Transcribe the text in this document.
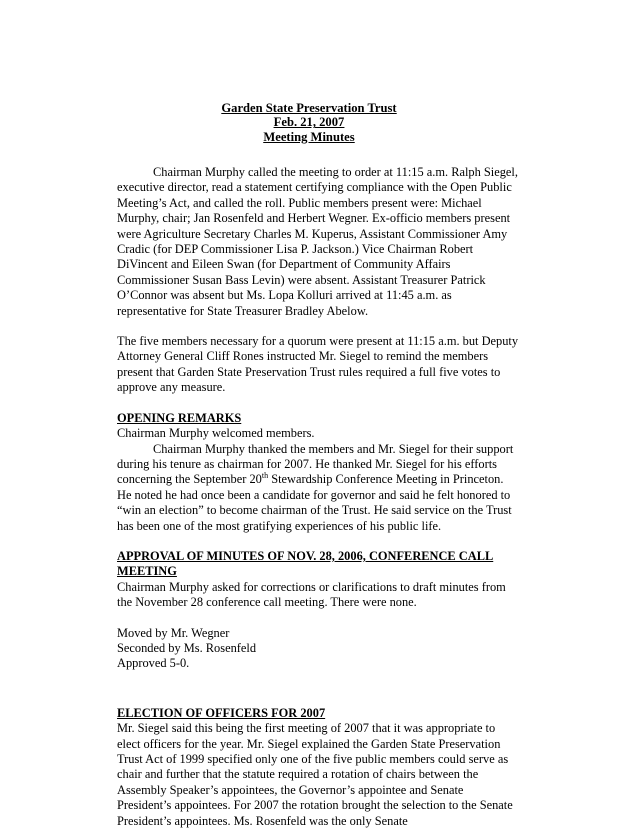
Garden State Preservation Trust
Feb. 21, 2007
Meeting Minutes

Chairman Murphy called the meeting to order at 11:15 a.m. Ralph Siegel, executive director, read a statement certifying compliance with the Open Public Meeting’s Act, and called the roll. Public members present were: Michael Murphy, chair; Jan Rosenfeld and Herbert Wegner. Ex-officio members present were Agriculture Secretary Charles M. Kuperus, Assistant Commissioner Amy Cradic (for DEP Commissioner Lisa P. Jackson.) Vice Chairman Robert DiVincent and Eileen Swan (for Department of Community Affairs Commissioner Susan Bass Levin) were absent. Assistant Treasurer Patrick O’Connor was absent but Ms. Lopa Kolluri arrived at 11:45 a.m. as representative for State Treasurer Bradley Abelow.

The five members necessary for a quorum were present at 11:15 a.m. but Deputy Attorney General Cliff Rones instructed Mr. Siegel to remind the members present that Garden State Preservation Trust rules required a full five votes to approve any measure.

OPENING REMARKS

Chairman Murphy welcomed members.

Chairman Murphy thanked the members and Mr. Siegel for their support during his tenure as chairman for 2007. He thanked Mr. Siegel for his efforts concerning the September 20th Stewardship Conference Meeting in Princeton. He noted he had once been a candidate for governor and said he felt honored to “win an election” to become chairman of the Trust. He said service on the Trust has been one of the most gratifying experiences of his public life.

APPROVAL OF MINUTES OF NOV. 28, 2006, CONFERENCE CALL MEETING

Chairman Murphy asked for corrections or clarifications to draft minutes from the November 28 conference call meeting. There were none.

Moved by Mr. Wegner

Seconded by Ms. Rosenfeld

Approved 5-0.

ELECTION OF OFFICERS FOR 2007

Mr. Siegel said this being the first meeting of 2007 that it was appropriate to elect officers for the year. Mr. Siegel explained the Garden State Preservation Trust Act of 1999 specified only one of the five public members could serve as chair and further that the statute required a rotation of chairs between the Assembly Speaker’s appointees, the Governor’s appointee and Senate President’s appointees. For 2007 the rotation brought the selection to the Senate President’s appointees. Ms. Rosenfeld was the only Senate
